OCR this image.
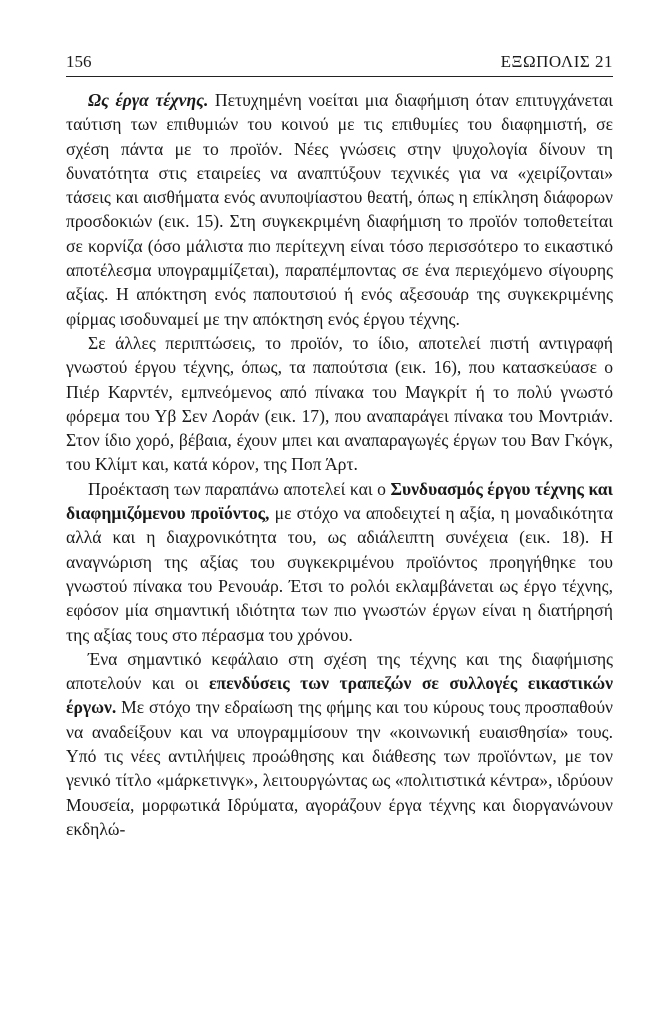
156	ΕΞΩΠΟΛΙΣ 21

Ως έργα τέχνης. Πετυχημένη νοείται μια διαφήμιση όταν επιτυγχάνεται ταύτιση των επιθυμιών του κοινού με τις επιθυμίες του διαφημιστή, σε σχέση πάντα με το προϊόν. Νέες γνώσεις στην ψυχολογία δίνουν τη δυνατότητα στις εταιρείες να αναπτύξουν τεχνικές για να «χειρίζονται» τάσεις και αισθήματα ενός ανυποψίαστου θεατή, όπως η επίκληση διάφορων προσδοκιών (εικ. 15). Στη συγκεκριμένη διαφήμιση το προϊόν τοποθετείται σε κορνίζα (όσο μάλιστα πιο περίτεχνη είναι τόσο περισσότερο το εικαστικό αποτέλεσμα υπογραμμίζεται), παραπέμποντας σε ένα περιεχόμενο σίγουρης αξίας. Η απόκτηση ενός παπουτσιού ή ενός αξεσουάρ της συγκεκριμένης φίρμας ισοδυναμεί με την απόκτηση ενός έργου τέχνης.

Σε άλλες περιπτώσεις, το προϊόν, το ίδιο, αποτελεί πιστή αντιγραφή γνωστού έργου τέχνης, όπως, τα παπούτσια (εικ. 16), που κατασκεύασε ο Πιέρ Καρντέν, εμπνεόμενος από πίνακα του Μαγκρίτ ή το πολύ γνωστό φόρεμα του Υβ Σεν Λοράν (εικ. 17), που αναπαράγει πίνακα του Μοντριάν. Στον ίδιο χορό, βέβαια, έχουν μπει και αναπαραγωγές έργων του Βαν Γκόγκ, του Κλίμτ και, κατά κόρον, της Ποπ Άρτ.

Προέκταση των παραπάνω αποτελεί και ο Συνδυασμός έργου τέχνης και διαφημιζόμενου προϊόντος, με στόχο να αποδειχτεί η αξία, η μοναδικότητα αλλά και η διαχρονικότητα του, ως αδιάλειπτη συνέχεια (εικ. 18). Η αναγνώριση της αξίας του συγκεκριμένου προϊόντος προηγήθηκε του γνωστού πίνακα του Ρενουάρ. Έτσι το ρολόι εκλαμβάνεται ως έργο τέχνης, εφόσον μία σημαντική ιδιότητα των πιο γνωστών έργων είναι η διατήρησή της αξίας τους στο πέρασμα του χρόνου.

Ένα σημαντικό κεφάλαιο στη σχέση της τέχνης και της διαφήμισης αποτελούν και οι επενδύσεις των τραπεζών σε συλλογές εικαστικών έργων. Με στόχο την εδραίωση της φήμης και του κύρους τους προσπαθούν να αναδείξουν και να υπογραμμίσουν την «κοινωνική ευαισθησία» τους. Υπό τις νέες αντιλήψεις προώθησης και διάθεσης των προϊόντων, με τον γενικό τίτλο «μάρκετινγκ», λειτουργώντας ως «πολιτιστικά κέντρα», ιδρύουν Μουσεία, μορφωτικά Ιδρύματα, αγοράζουν έργα τέχνης και διοργανώνουν εκδηλώ-
